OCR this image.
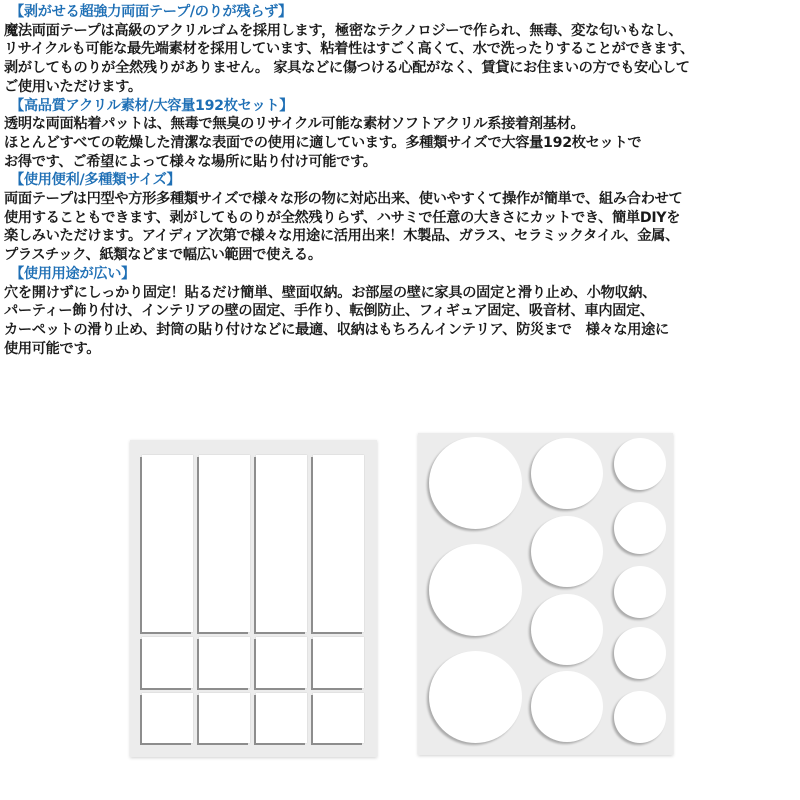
【剥がせる超強力両面テープ/のりが残らず】
魔法両面テープは高級のアクリルゴムを採用します，極密なテクノロジーで作られ、無毒、変な匂いもなし、
リサイクルも可能な最先端素材を採用しています、粘着性はすごく高くて、水で洗ったりすることができます、
剥がしてものりが全然残りがありません。 家具などに傷つける心配がなく、賃貸にお住まいの方でも安心して
ご使用いただけます。
【高品質アクリル素材/大容量192枚セット】
透明な両面粘着パットは、無毒で無臭のリサイクル可能な素材ソフトアクリル系接着剤基材。
ほとんどすべての乾燥した清潔な表面での使用に適しています。多種類サイズで大容量192枚セットで
お得です、ご希望によって様々な場所に貼り付け可能です。
【使用便利/多種類サイズ】
両面テープは円型や方形多種類サイズで様々な形の物に対応出来、使いやすくて操作が簡単で、組み合わせて
使用することもできます、剥がしてものりが全然残りらず、ハサミで任意の大きさにカットでき、簡単DIYを
楽しみいただけます。アイディア次第で様々な用途に活用出来！木製品、ガラス、セラミックタイル、金属、
プラスチック、紙類などまで幅広い範囲で使える。
【使用用途が広い】
穴を開けずにしっかり固定！貼るだけ簡単、壁面収納。お部屋の壁に家具の固定と滑り止め、小物収納、
パーティー飾り付け、インテリアの壁の固定、手作り、転倒防止、フィギュア固定、吸音材、車内固定、
カーペットの滑り止め、封筒の貼り付けなどに最適、収納はもちろんインテリア、防災まで　様々な用途に
使用可能です。
